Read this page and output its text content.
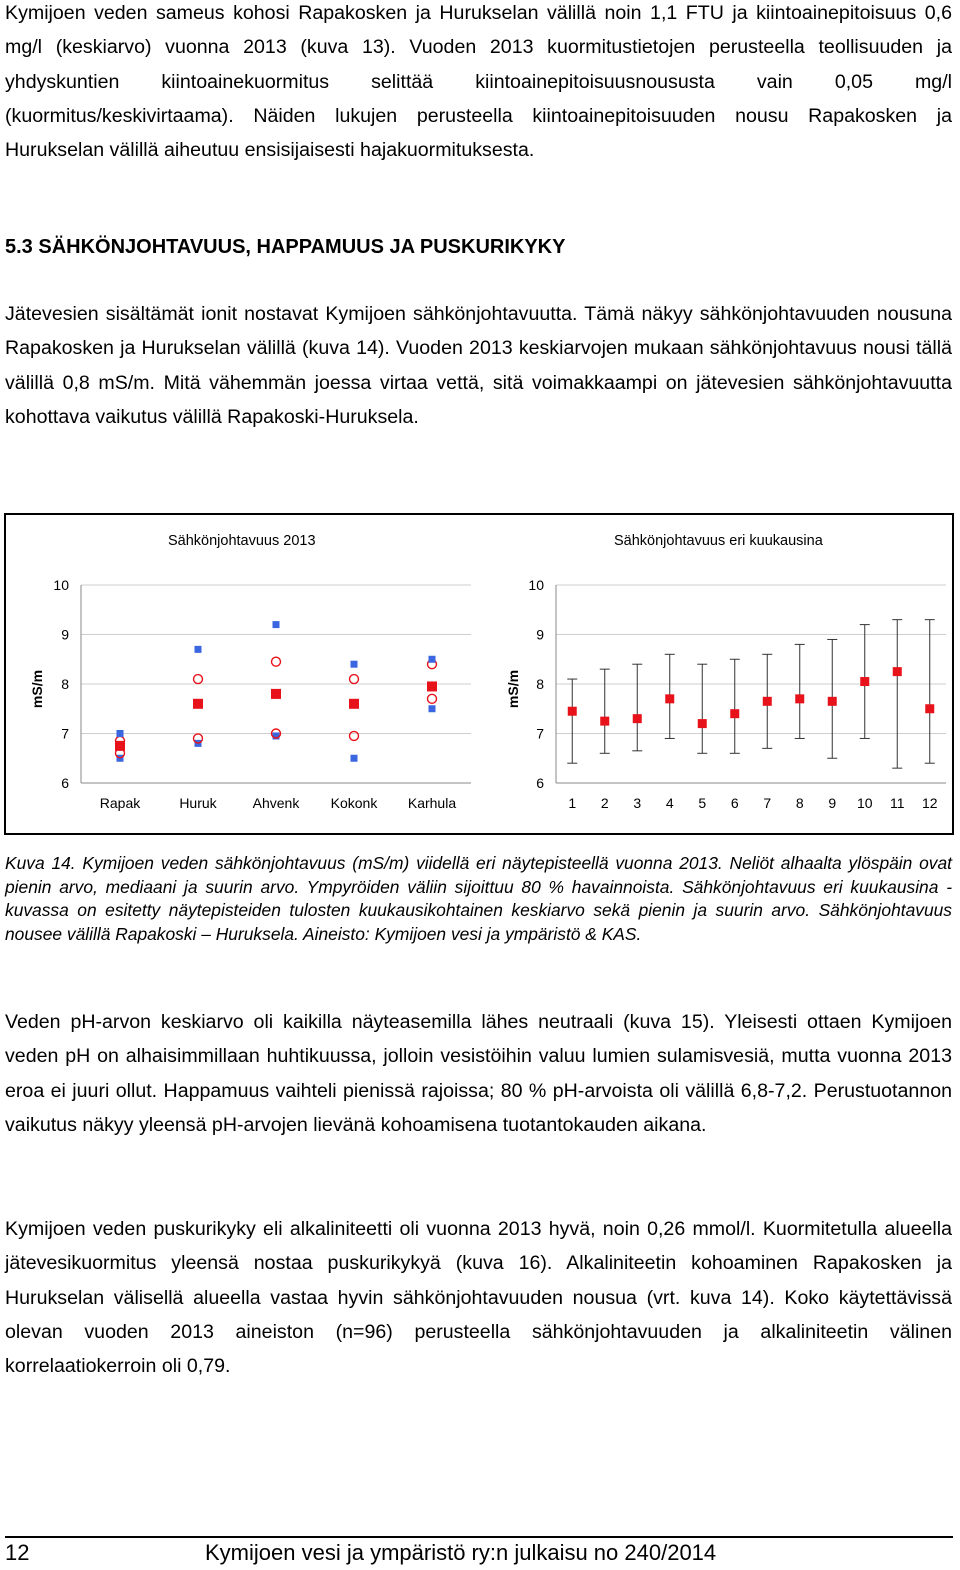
Kymijoen veden sameus kohosi Rapakosken ja Hurukselan välillä noin 1,1 FTU ja kiintoainepitoisuus 0,6 mg/l (keskiarvo) vuonna 2013 (kuva 13). Vuoden 2013 kuormitustietojen perusteella teollisuuden ja yhdyskuntien kiintoainekuormitus selittää kiintoainepitoisuusnoususta vain 0,05 mg/l (kuormitus/keskivirtaama). Näiden lukujen perusteella kiintoainepitoisuuden nousu Rapakosken ja Hurukselan välillä aiheutuu ensisijaisesti hajakuormituksesta.

5.3 SÄHKÖNJOHTAVUUS, HAPPAMUUS JA PUSKURIKYKY

Jätevesien sisältämät ionit nostavat Kymijoen sähkönjohtavuutta. Tämä näkyy sähkönjohtavuuden nousuna Rapakosken ja Hurukselan välillä (kuva 14). Vuoden 2013 keskiarvojen mukaan sähkönjohtavuus nousi tällä välillä 0,8 mS/m. Mitä vähemmän joessa virtaa vettä, sitä voimakkaampi on jätevesien sähkönjohtavuutta kohottava vaikutus välillä Rapakoski-Huruksela.

6
7
8
9
10
Rapak	Huruk	Ahvenk Kokonk Karhula
6
7
8
9
10
1 2 3 4 5 6 7 8 9 10 11 12
Sähkönjohtavuus 2013	Sähkönjohtavuus eri kuukausina
mS/m	mS/m

Kuva 14. Kymijoen veden sähkönjohtavuus (mS/m) viidellä eri näytepisteellä vuonna 2013. Neliöt alhaalta ylöspäin ovat pienin arvo, mediaani ja suurin arvo. Ympyröiden väliin sijoittuu 80 % havainnoista. Sähkönjohtavuus eri kuukausina -kuvassa on esitetty näytepisteiden tulosten kuukausikohtainen keskiarvo sekä pienin ja suurin arvo. Sähkönjohtavuus nousee välillä Rapakoski – Huruksela. Aineisto: Kymijoen vesi ja ympäristö & KAS.

Veden pH-arvon keskiarvo oli kaikilla näyteasemilla lähes neutraali (kuva 15). Yleisesti ottaen Kymijoen veden pH on alhaisimmillaan huhtikuussa, jolloin vesistöihin valuu lumien sulamisvesiä, mutta vuonna 2013 eroa ei juuri ollut. Happamuus vaihteli pienissä rajoissa; 80 % pH-arvoista oli välillä 6,8-7,2. Perustuotannon vaikutus näkyy yleensä pH-arvojen lievänä kohoamisena tuotantokauden aikana.

Kymijoen veden puskurikyky eli alkaliniteetti oli vuonna 2013 hyvä, noin 0,26 mmol/l. Kuormitetulla alueella jätevesikuormitus yleensä nostaa puskurikykyä (kuva 16). Alkaliniteetin kohoaminen Rapakosken ja Hurukselan välisellä alueella vastaa hyvin sähkönjohtavuuden nousua (vrt. kuva 14). Koko käytettävissä olevan vuoden 2013 aineiston (n=96) perusteella sähkönjohtavuuden ja alkaliniteetin välinen korrelaatiokerroin oli 0,79.

12	Kymijoen vesi ja ympäristö ry:n julkaisu no 240/2014
